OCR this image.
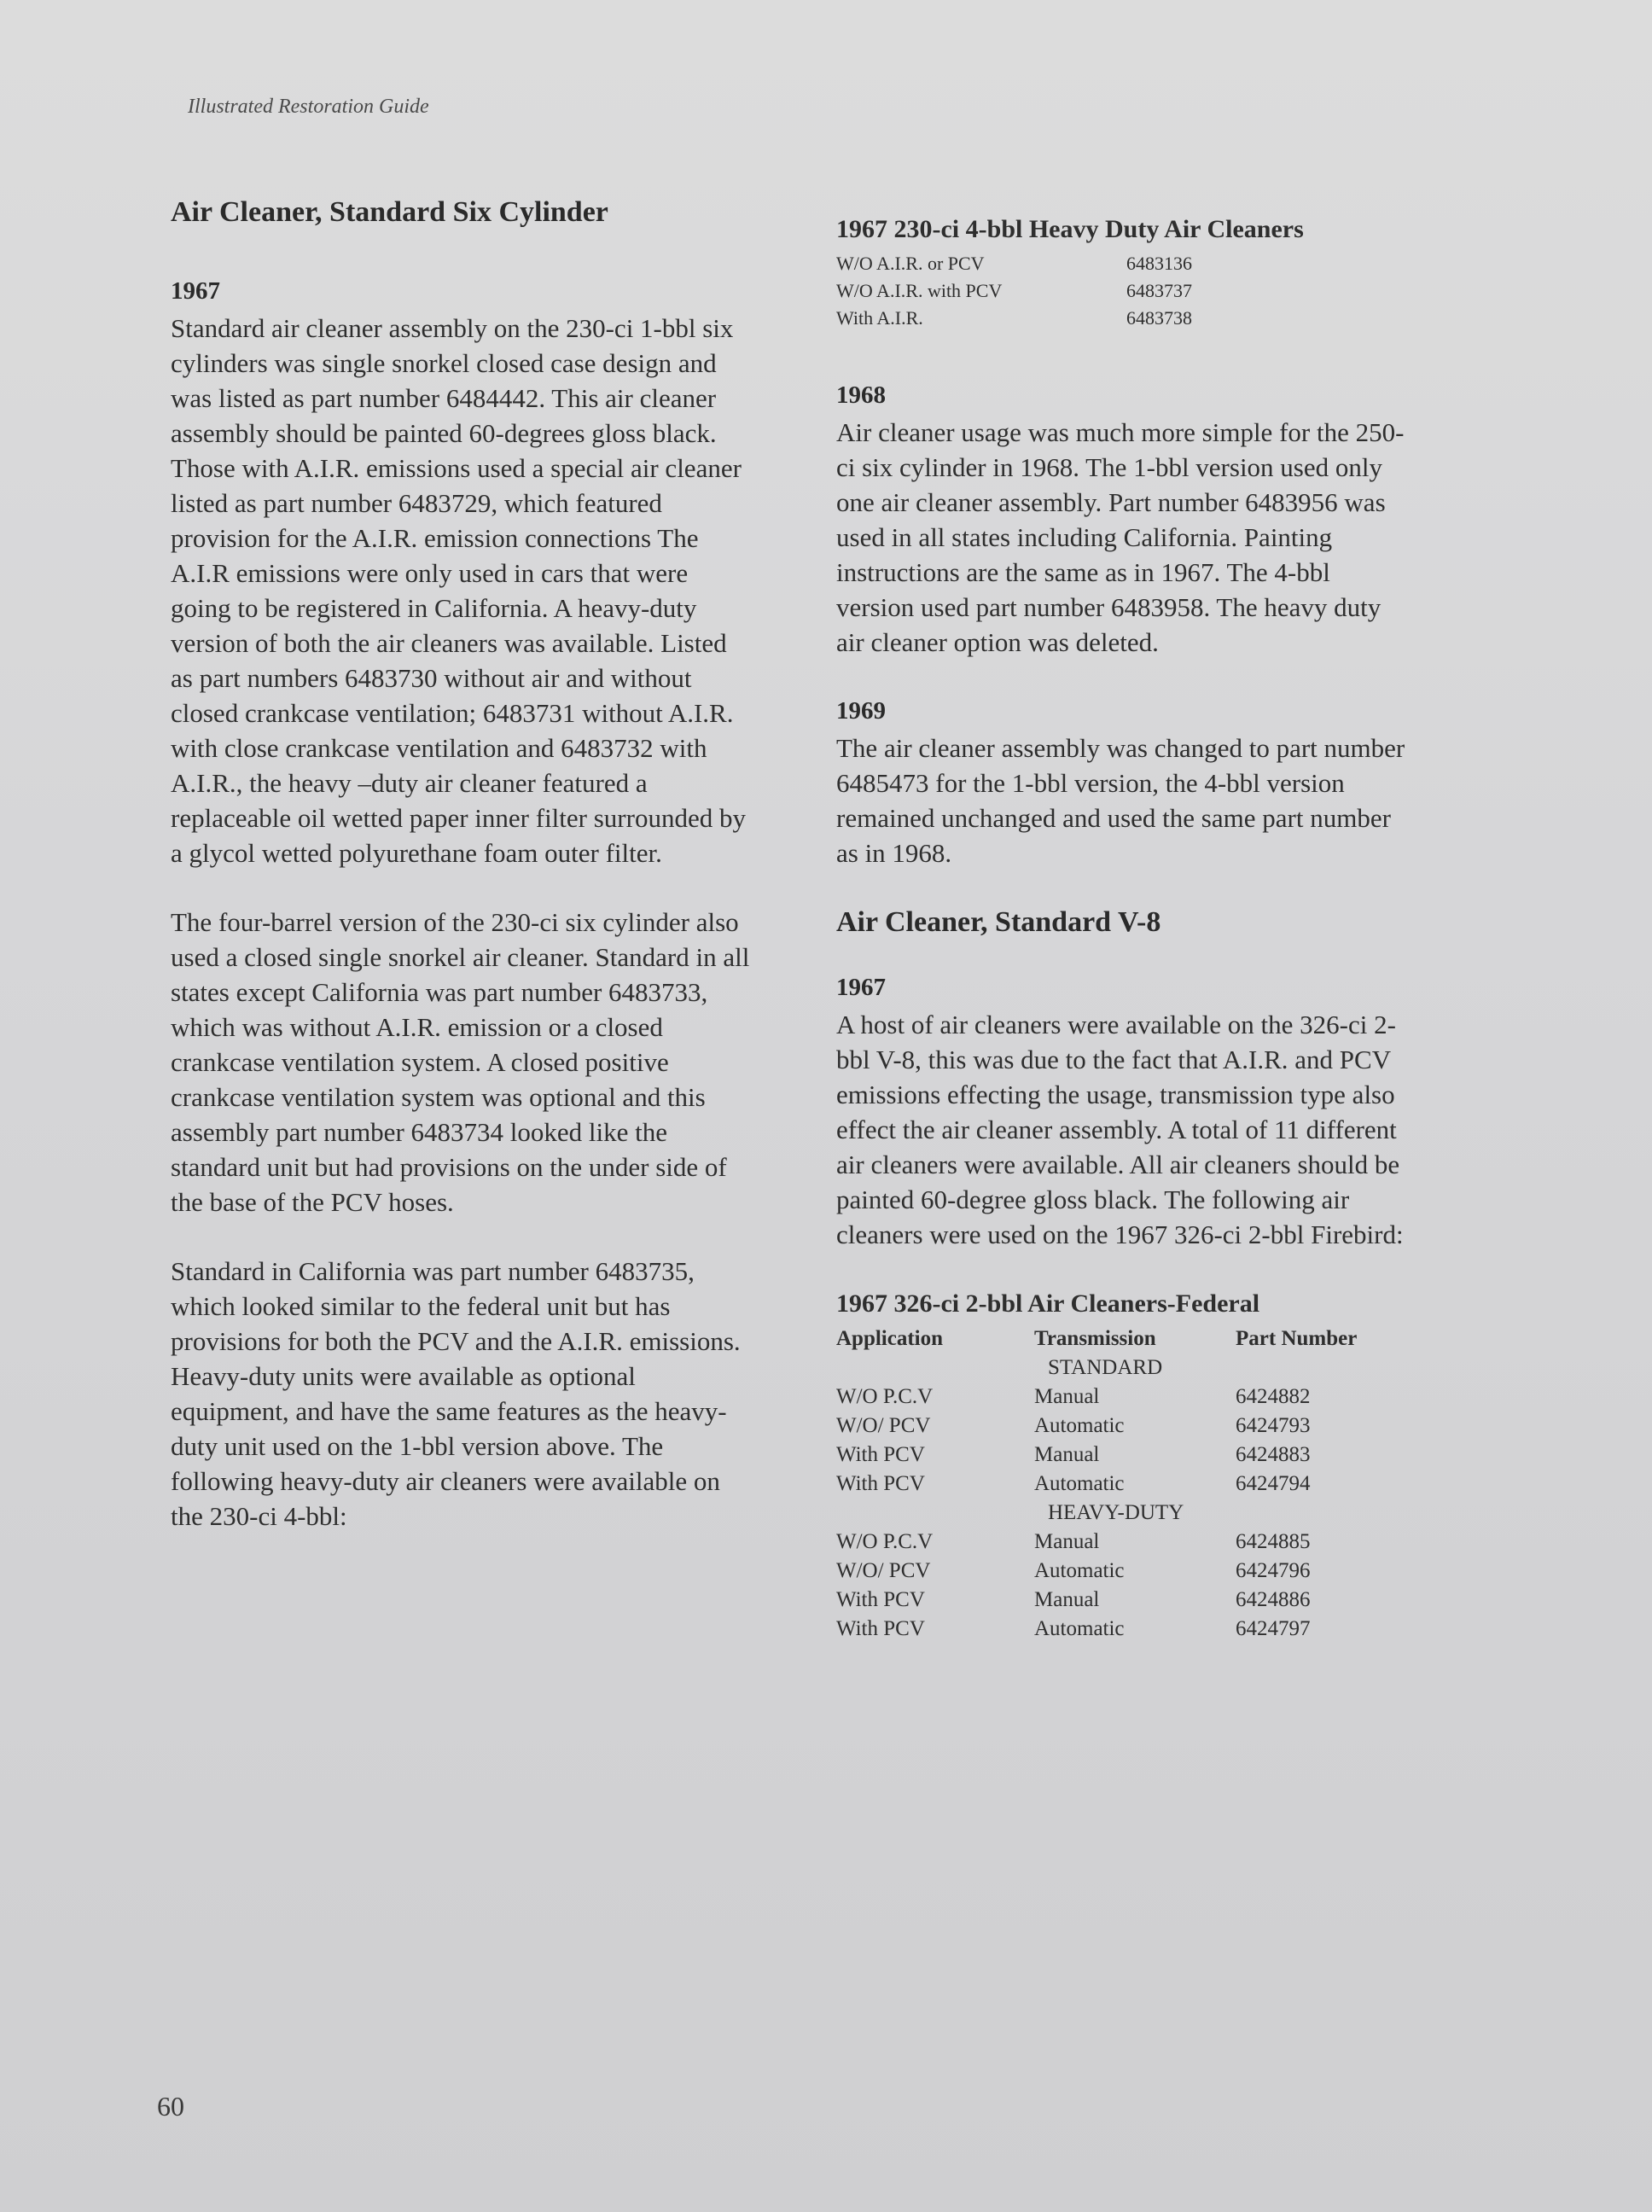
Illustrated Restoration Guide
Air Cleaner, Standard Six Cylinder
1967

Standard air cleaner assembly on the 230-ci 1-bbl six cylinders was single snorkel closed case design and was listed as part number 6484442. This air cleaner assembly should be painted 60-degrees gloss black. Those with A.I.R. emissions used a special air cleaner listed as part number 6483729, which featured provision for the A.I.R. emission connections The A.I.R emissions were only used in cars that were going to be registered in California. A heavy-duty version of both the air cleaners was available. Listed as part numbers 6483730 without air and without closed crankcase ventilation; 6483731 without A.I.R. with close crankcase ventilation and 6483732 with A.I.R., the heavy –duty air cleaner featured a replaceable oil wetted paper inner filter surrounded by a glycol wetted polyurethane foam outer filter.

The four-barrel version of the 230-ci six cylinder also used a closed single snorkel air cleaner. Standard in all states except California was part number 6483733, which was without A.I.R. emission or a closed crankcase ventilation system. A closed positive crankcase ventilation system was optional and this assembly part number 6483734 looked like the standard unit but had provisions on the under side of the base of the PCV hoses.

Standard in California was part number 6483735, which looked similar to the federal unit but has provisions for both the PCV and the A.I.R. emissions. Heavy-duty units were available as optional equipment, and have the same features as the heavy-duty unit used on the 1-bbl version above. The following heavy-duty air cleaners were available on the 230-ci 4-bbl:

1967 230-ci 4-bbl Heavy Duty Air Cleaners
W/O A.I.R. or PCV	6483136
W/O A.I.R. with PCV	6483737
With A.I.R.	6483738
1968

Air cleaner usage was much more simple for the 250-ci six cylinder in 1968. The 1-bbl version used only one air cleaner assembly. Part number 6483956 was used in all states including California. Painting instructions are the same as in 1967. The 4-bbl version used part number 6483958. The heavy duty air cleaner option was deleted.

1969

The air cleaner assembly was changed to part number 6485473 for the 1-bbl version, the 4-bbl version remained unchanged and used the same part number as in 1968.

Air Cleaner, Standard V-8
1967

A host of air cleaners were available on the 326-ci 2-bbl V-8, this was due to the fact that A.I.R. and PCV emissions effecting the usage, transmission type also effect the air cleaner assembly. A total of 11 different air cleaners were available. All air cleaners should be painted 60-degree gloss black. The following air cleaners were used on the 1967 326-ci 2-bbl Firebird:

1967 326-ci 2-bbl Air Cleaners-Federal
Application	Transmission	Part Number
STANDARD
W/O P.C.V	Manual	6424882
W/O/ PCV	Automatic	6424793
With PCV	Manual	6424883
With PCV	Automatic	6424794
HEAVY-DUTY
W/O P.C.V	Manual	6424885
W/O/ PCV	Automatic	6424796
With PCV	Manual	6424886
With PCV	Automatic	6424797
60
